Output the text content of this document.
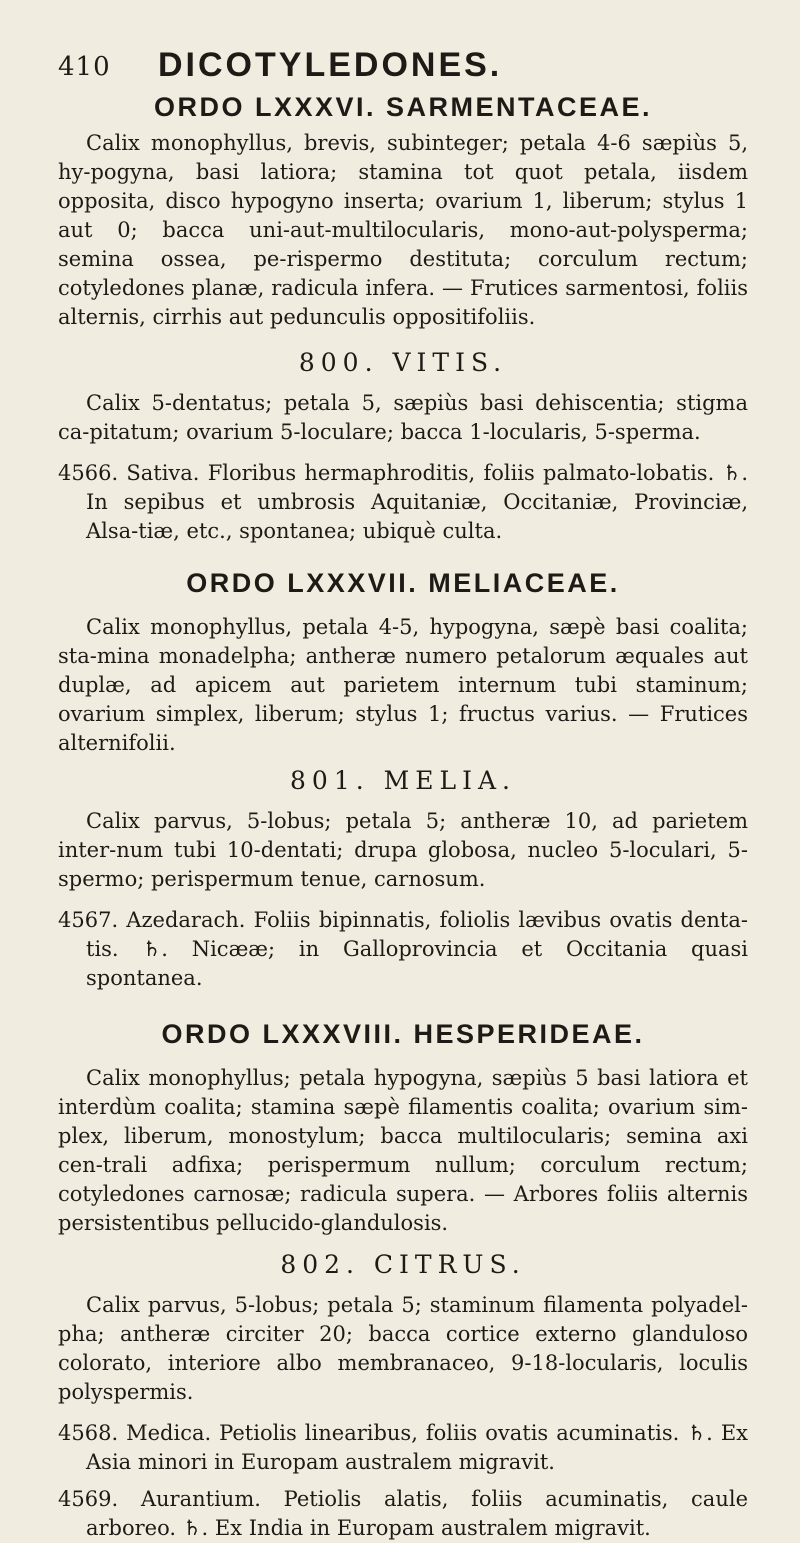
410 DICOTYLEDONES.
ORDO LXXXVI. SARMENTACEAE.

Calix monophyllus, brevis, subinteger; petala 4-6 sæpiùs 5, hy-pogyna, basi latiora; stamina tot quot petala, iisdem opposita, disco hypogyno inserta; ovarium 1, liberum; stylus 1 aut 0; bacca uni-aut-multilocularis, mono-aut-polysperma; semina ossea, pe-rispermo destituta; corculum rectum; cotyledones planæ, radicula infera. — Frutices sarmentosi, foliis alternis, cirrhis aut pedunculis oppositifoliis.

800. VITIS.

Calix 5-dentatus; petala 5, sæpiùs basi dehiscentia; stigma ca-pitatum; ovarium 5-loculare; bacca 1-locularis, 5-sperma.

4566. Sativa. Floribus hermaphroditis, foliis palmato-lobatis. ♄. In sepibus et umbrosis Aquitaniæ, Occitaniæ, Provinciæ, Alsa-tiæ, etc., spontanea; ubiquè culta.

ORDO LXXXVII. MELIACEAE.

Calix monophyllus, petala 4-5, hypogyna, sæpè basi coalita; sta-mina monadelpha; antheræ numero petalorum æquales aut duplæ, ad apicem aut parietem internum tubi staminum; ovarium simplex, liberum; stylus 1; fructus varius. — Frutices alternifolii.

801. MELIA.

Calix parvus, 5-lobus; petala 5; antheræ 10, ad parietem inter-num tubi 10-dentati; drupa globosa, nucleo 5-loculari, 5-spermo; perispermum tenue, carnosum.

4567. Azedarach. Foliis bipinnatis, foliolis lævibus ovatis denta-tis. ♄. Nicææ; in Galloprovincia et Occitania quasi spontanea.

ORDO LXXXVIII. HESPERIDEAE.

Calix monophyllus; petala hypogyna, sæpiùs 5 basi latiora et interdùm coalita; stamina sæpè filamentis coalita; ovarium sim-plex, liberum, monostylum; bacca multilocularis; semina axi cen-trali adfixa; perispermum nullum; corculum rectum; cotyledones carnosæ; radicula supera. — Arbores foliis alternis persistentibus pellucido-glandulosis.

802. CITRUS.

Calix parvus, 5-lobus; petala 5; staminum filamenta polyadel-pha; antheræ circiter 20; bacca cortice externo glanduloso colorato, interiore albo membranaceo, 9-18-locularis, loculis polyspermis.

4568. Medica. Petiolis linearibus, foliis ovatis acuminatis. ♄. Ex Asia minori in Europam australem migravit.

4569. Aurantium. Petiolis alatis, foliis acuminatis, caule arboreo. ♄. Ex India in Europam australem migravit.
